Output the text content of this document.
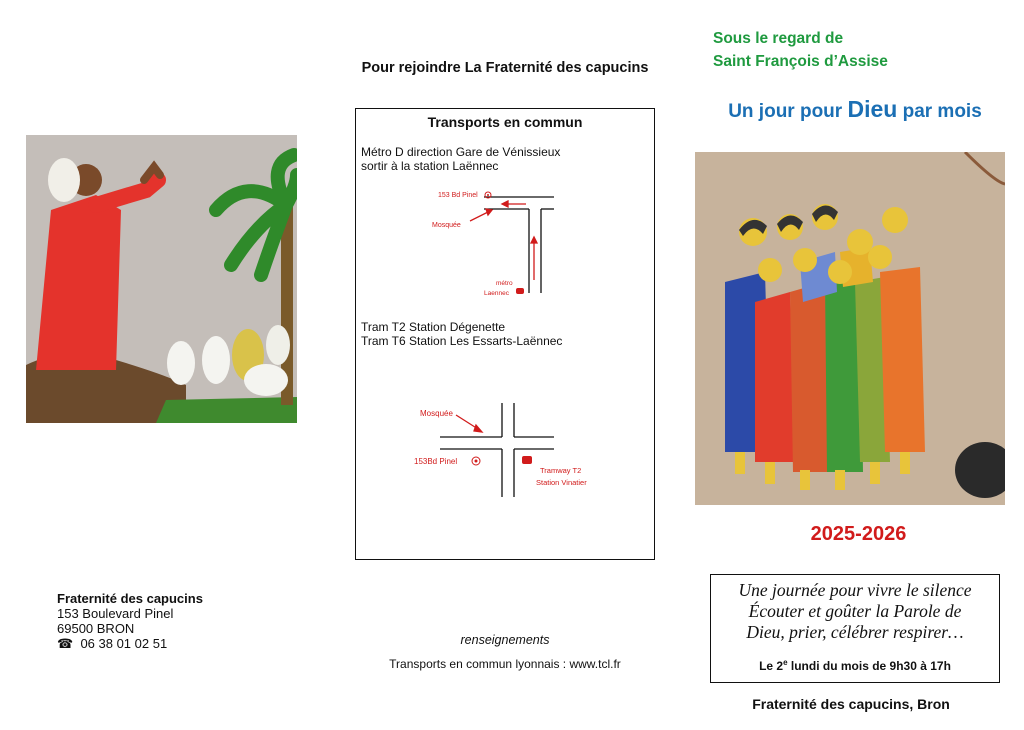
Fraternité des capucins
153 Boulevard Pinel
69500 BRON
☎ 06 38 01 02 51
Pour rejoindre La Fraternité des capucins
Transports en commun
Métro D direction Gare de Vénissieux
sortir à la station Laënnec
153 Bd Pinel
Mosquée
métro
Laennec
Tram T2 Station Dégenette
Tram T6 Station Les Essarts-Laënnec
Mosquée
153Bd Pinel
Tramway T2
Station Vinatier
renseignements
Transports en commun lyonnais : www.tcl.fr
Sous le regard de
Saint François d’Assise
Un jour pour Dieu par mois
2025-2026
Une journée pour vivre le silence
Écouter et goûter la Parole de
Dieu, prier, célébrer respirer…
Le 2e lundi du mois de 9h30 à 17h
Fraternité des capucins, Bron
